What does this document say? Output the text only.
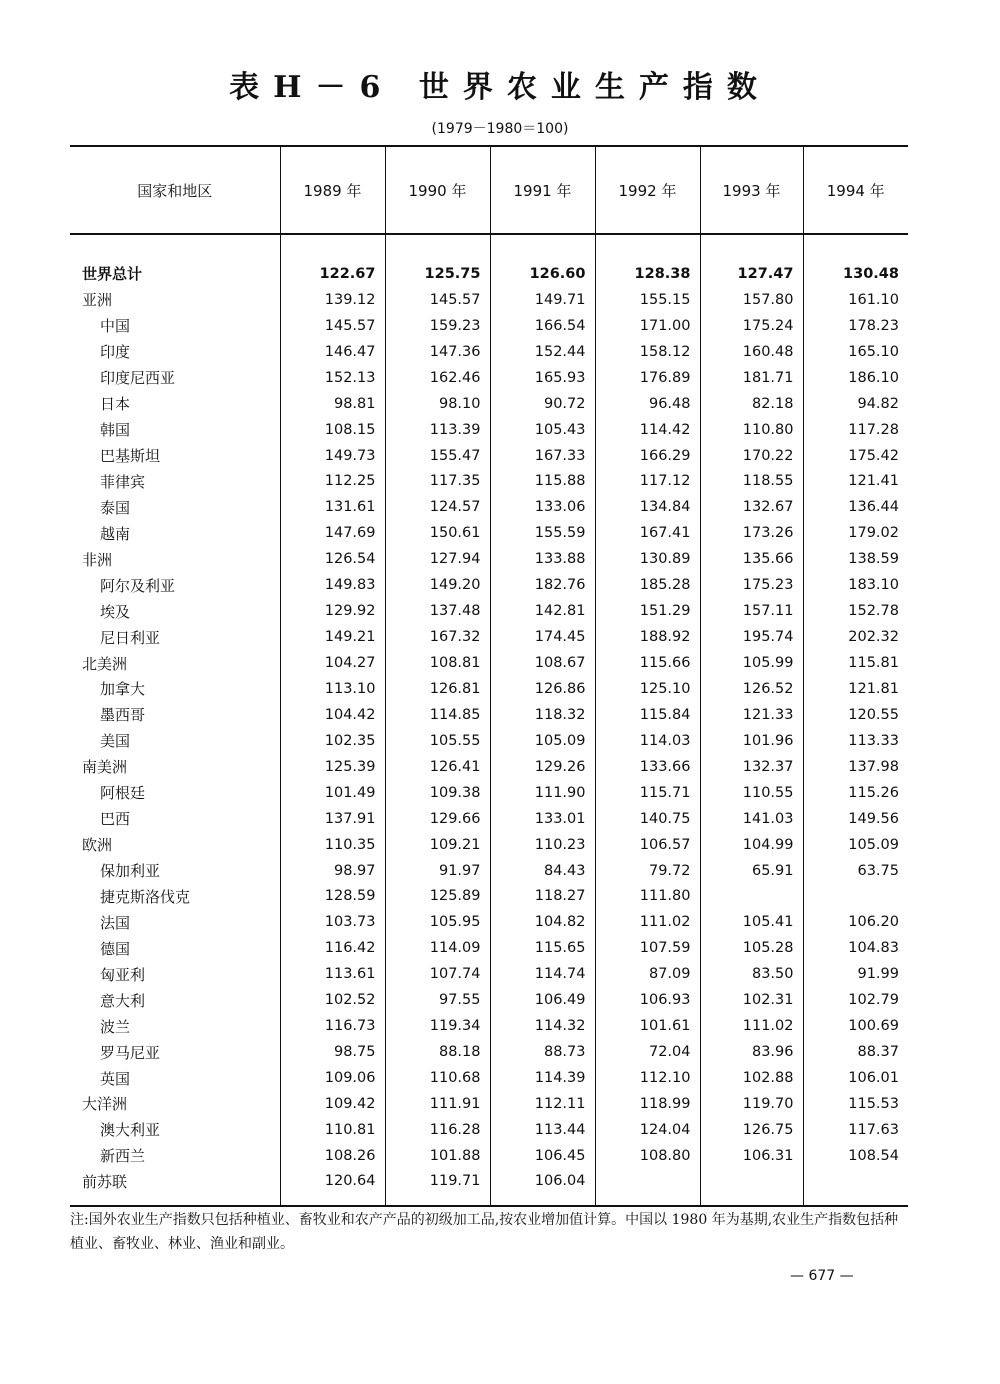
表H－6 世界农业生产指数
(1979－1980＝100)
国家和地区	1989 年	1990 年	1991 年	1992 年	1993 年	1994 年

世界总计	122.67	125.75	126.60	128.38	127.47	130.48
亚洲	139.12	145.57	149.71	155.15	157.80	161.10
中国	145.57	159.23	166.54	171.00	175.24	178.23
印度	146.47	147.36	152.44	158.12	160.48	165.10
印度尼西亚	152.13	162.46	165.93	176.89	181.71	186.10
日本	98.81	98.10	90.72	96.48	82.18	94.82
韩国	108.15	113.39	105.43	114.42	110.80	117.28
巴基斯坦	149.73	155.47	167.33	166.29	170.22	175.42
菲律宾	112.25	117.35	115.88	117.12	118.55	121.41
泰国	131.61	124.57	133.06	134.84	132.67	136.44
越南	147.69	150.61	155.59	167.41	173.26	179.02
非洲	126.54	127.94	133.88	130.89	135.66	138.59
阿尔及利亚	149.83	149.20	182.76	185.28	175.23	183.10
埃及	129.92	137.48	142.81	151.29	157.11	152.78
尼日利亚	149.21	167.32	174.45	188.92	195.74	202.32
北美洲	104.27	108.81	108.67	115.66	105.99	115.81
加拿大	113.10	126.81	126.86	125.10	126.52	121.81
墨西哥	104.42	114.85	118.32	115.84	121.33	120.55
美国	102.35	105.55	105.09	114.03	101.96	113.33
南美洲	125.39	126.41	129.26	133.66	132.37	137.98
阿根廷	101.49	109.38	111.90	115.71	110.55	115.26
巴西	137.91	129.66	133.01	140.75	141.03	149.56
欧洲	110.35	109.21	110.23	106.57	104.99	105.09
保加利亚	98.97	91.97	84.43	79.72	65.91	63.75
捷克斯洛伐克	128.59	125.89	118.27	111.80		
法国	103.73	105.95	104.82	111.02	105.41	106.20
德国	116.42	114.09	115.65	107.59	105.28	104.83
匈亚利	113.61	107.74	114.74	87.09	83.50	91.99
意大利	102.52	97.55	106.49	106.93	102.31	102.79
波兰	116.73	119.34	114.32	101.61	111.02	100.69
罗马尼亚	98.75	88.18	88.73	72.04	83.96	88.37
英国	109.06	110.68	114.39	112.10	102.88	106.01
大洋洲	109.42	111.91	112.11	118.99	119.70	115.53
澳大利亚	110.81	116.28	113.44	124.04	126.75	117.63
新西兰	108.26	101.88	106.45	108.80	106.31	108.54
前苏联	120.64	119.71	106.04			
注:国外农业生产指数只包括种植业、畜牧业和农产产品的初级加工品,按农业增加值计算。中国以 1980 年为基期,农业生产指数包括种植业、畜牧业、林业、渔业和副业。
— 677 —
